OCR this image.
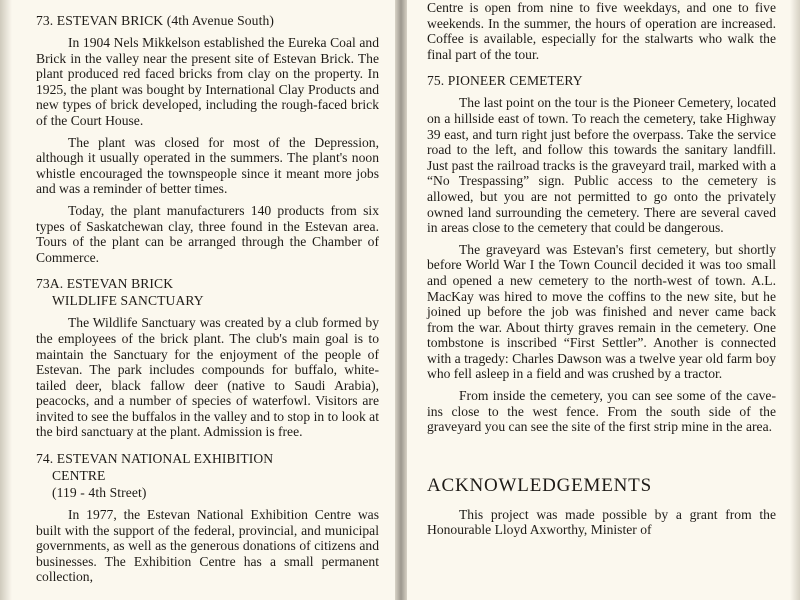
73. ESTEVAN BRICK (4th Avenue South)

In 1904 Nels Mikkelson established the Eureka Coal and Brick in the valley near the present site of Estevan Brick. The plant produced red faced bricks from clay on the property. In 1925, the plant was bought by International Clay Products and new types of brick developed, including the rough-faced brick of the Court House.

The plant was closed for most of the Depression, although it usually operated in the summers. The plant's noon whistle encouraged the townspeople since it meant more jobs and was a reminder of better times.

Today, the plant manufacturers 140 products from six types of Saskatchewan clay, three found in the Estevan area. Tours of the plant can be arranged through the Chamber of Commerce.

73A. ESTEVAN BRICK
WILDLIFE SANCTUARY

The Wildlife Sanctuary was created by a club formed by the employees of the brick plant. The club's main goal is to maintain the Sanctuary for the enjoyment of the people of Estevan. The park includes compounds for buffalo, white-tailed deer, black fallow deer (native to Saudi Arabia), peacocks, and a number of species of waterfowl. Visitors are invited to see the buffalos in the valley and to stop in to look at the bird sanctuary at the plant. Admission is free.

74. ESTEVAN NATIONAL EXHIBITION
CENTRE
(119 - 4th Street)

In 1977, the Estevan National Exhibition Centre was built with the support of the federal, provincial, and municipal governments, as well as the generous donations of citizens and businesses. The Exhibition Centre has a small permanent collection,

Centre is open from nine to five weekdays, and one to five weekends. In the summer, the hours of operation are increased. Coffee is available, especially for the stalwarts who walk the final part of the tour.

75. PIONEER CEMETERY

The last point on the tour is the Pioneer Cemetery, located on a hillside east of town. To reach the cemetery, take Highway 39 east, and turn right just before the overpass. Take the service road to the left, and follow this towards the sanitary landfill. Just past the railroad tracks is the graveyard trail, marked with a “No Trespassing” sign. Public access to the cemetery is allowed, but you are not permitted to go onto the privately owned land surrounding the cemetery. There are several caved in areas close to the cemetery that could be dangerous.

The graveyard was Estevan's first cemetery, but shortly before World War I the Town Council decided it was too small and opened a new cemetery to the north-west of town. A.L. MacKay was hired to move the coffins to the new site, but he joined up before the job was finished and never came back from the war. About thirty graves remain in the cemetery. One tombstone is inscribed “First Settler”. Another is connected with a tragedy: Charles Dawson was a twelve year old farm boy who fell asleep in a field and was crushed by a tractor.

From inside the cemetery, you can see some of the cave-ins close to the west fence. From the south side of the graveyard you can see the site of the first strip mine in the area.

ACKNOWLEDGEMENTS

This project was made possible by a grant from the Honourable Lloyd Axworthy, Minister of
